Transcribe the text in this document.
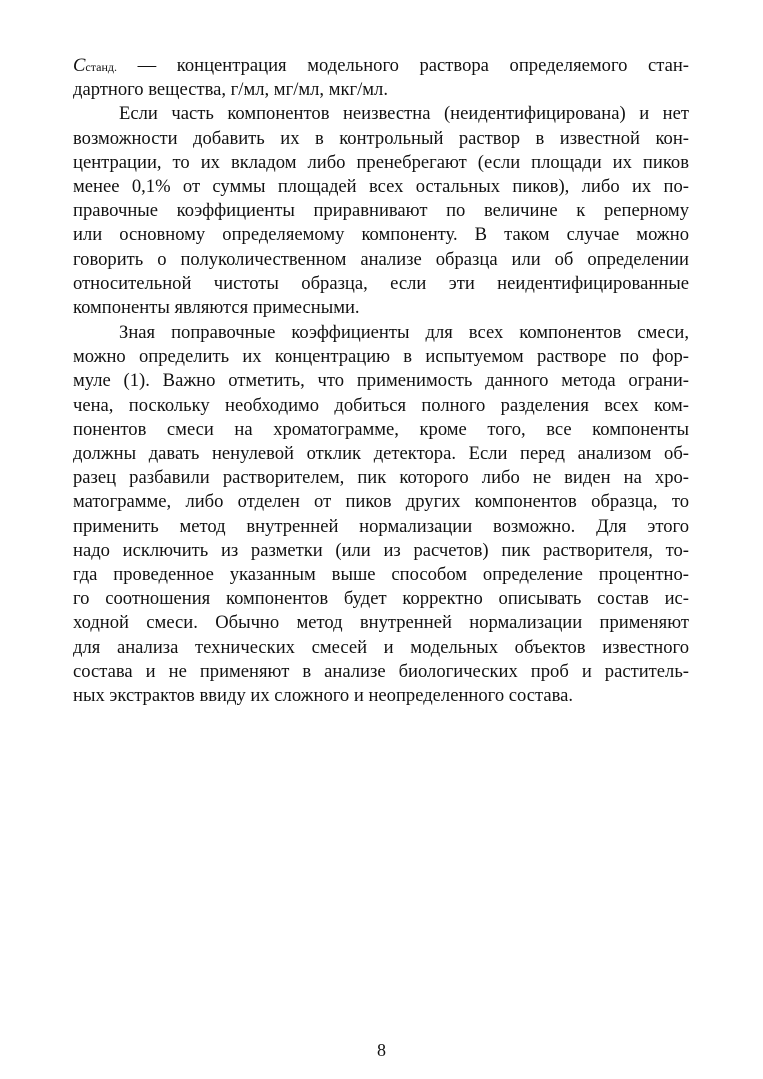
Cстанд. — концентрация модельного раствора определяемого стан-
дартного вещества, г/мл, мг/мл, мкг/мл.
Если часть компонентов неизвестна (неидентифицирована) и нет
возможности добавить их в контрольный раствор в известной кон-
центрации, то их вкладом либо пренебрегают (если площади их пиков
менее 0,1% от суммы площадей всех остальных пиков), либо их по-
правочные коэффициенты приравнивают по величине к реперному
или основному определяемому компоненту. В таком случае можно
говорить о полуколичественном анализе образца или об определении
относительной чистоты образца, если эти неидентифицированные
компоненты являются примесными.
Зная поправочные коэффициенты для всех компонентов смеси,
можно определить их концентрацию в испытуемом растворе по фор-
муле (1). Важно отметить, что применимость данного метода ограни-
чена, поскольку необходимо добиться полного разделения всех ком-
понентов смеси на хроматограмме, кроме того, все компоненты
должны давать ненулевой отклик детектора. Если перед анализом об-
разец разбавили растворителем, пик которого либо не виден на хро-
матограмме, либо отделен от пиков других компонентов образца, то
применить метод внутренней нормализации возможно. Для этого
надо исключить из разметки (или из расчетов) пик растворителя, то-
гда проведенное указанным выше способом определение процентно-
го соотношения компонентов будет корректно описывать состав ис-
ходной смеси. Обычно метод внутренней нормализации применяют
для анализа технических смесей и модельных объектов известного
состава и не применяют в анализе биологических проб и раститель-
ных экстрактов ввиду их сложного и неопределенного состава.
8
